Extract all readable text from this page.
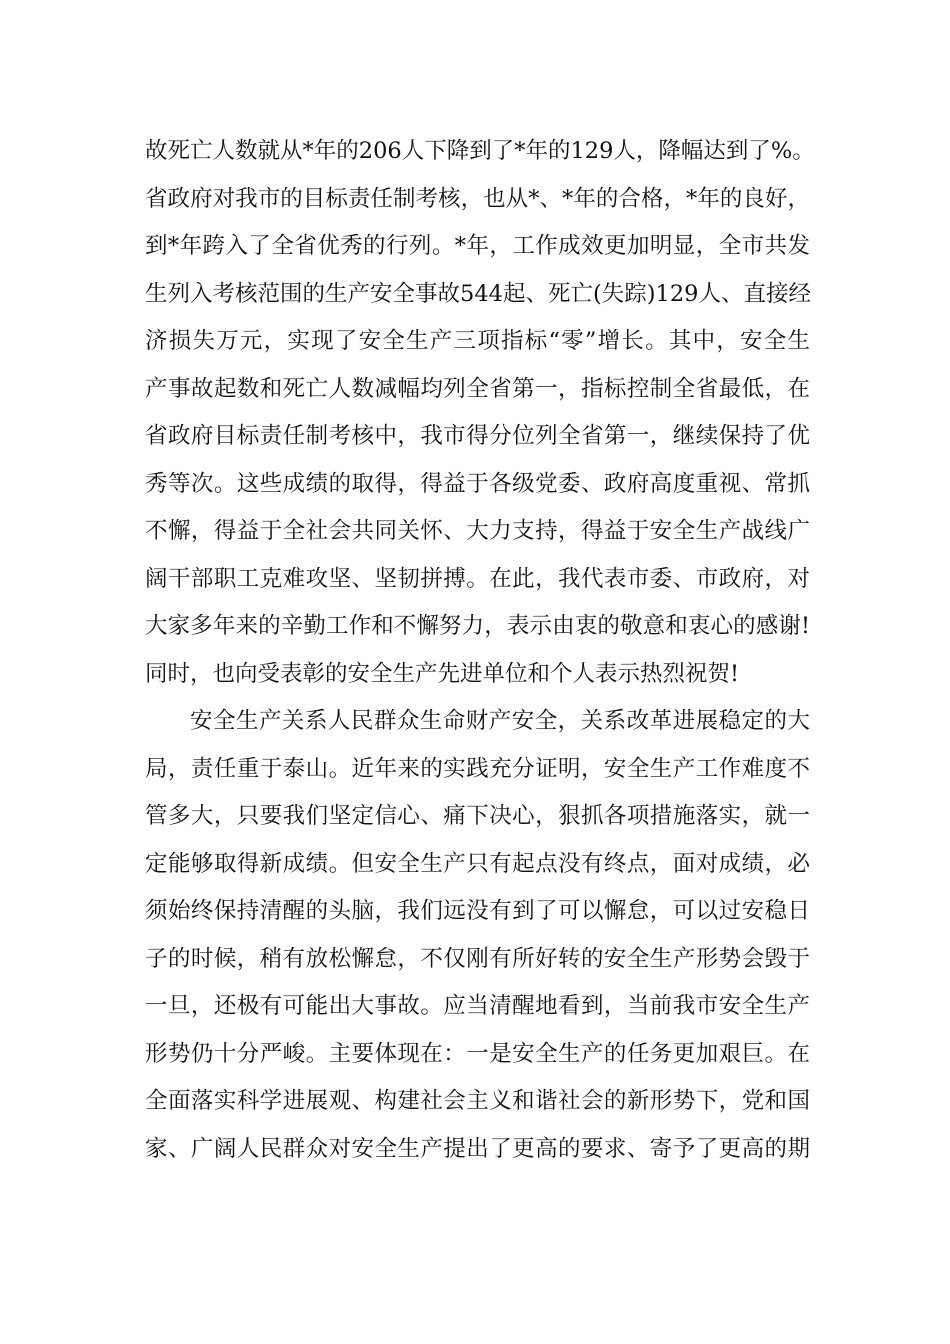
故死亡人数就从*年的206人下降到了*年的129人，降幅达到了%。
省政府对我市的目标责任制考核，也从*、*年的合格，*年的良好，
到*年跨入了全省优秀的行列。*年，工作成效更加明显，全市共发
生列入考核范围的生产安全事故544起、死亡(失踪)129人、直接经
济损失万元，实现了安全生产三项指标“零”增长。其中，安全生
产事故起数和死亡人数减幅均列全省第一，指标控制全省最低，在
省政府目标责任制考核中，我市得分位列全省第一，继续保持了优
秀等次。这些成绩的取得，得益于各级党委、政府高度重视、常抓
不懈，得益于全社会共同关怀、大力支持，得益于安全生产战线广
阔干部职工克难攻坚、坚韧拼搏。在此，我代表市委、市政府，对
大家多年来的辛勤工作和不懈努力，表示由衷的敬意和衷心的感谢!
同时，也向受表彰的安全生产先进单位和个人表示热烈祝贺!
安全生产关系人民群众生命财产安全，关系改革进展稳定的大
局，责任重于泰山。近年来的实践充分证明，安全生产工作难度不
管多大，只要我们坚定信心、痛下决心，狠抓各项措施落实，就一
定能够取得新成绩。但安全生产只有起点没有终点，面对成绩，必
须始终保持清醒的头脑，我们远没有到了可以懈怠，可以过安稳日
子的时候，稍有放松懈怠，不仅刚有所好转的安全生产形势会毁于
一旦，还极有可能出大事故。应当清醒地看到，当前我市安全生产
形势仍十分严峻。主要体现在：一是安全生产的任务更加艰巨。在
全面落实科学进展观、构建社会主义和谐社会的新形势下，党和国
家、广阔人民群众对安全生产提出了更高的要求、寄予了更高的期
